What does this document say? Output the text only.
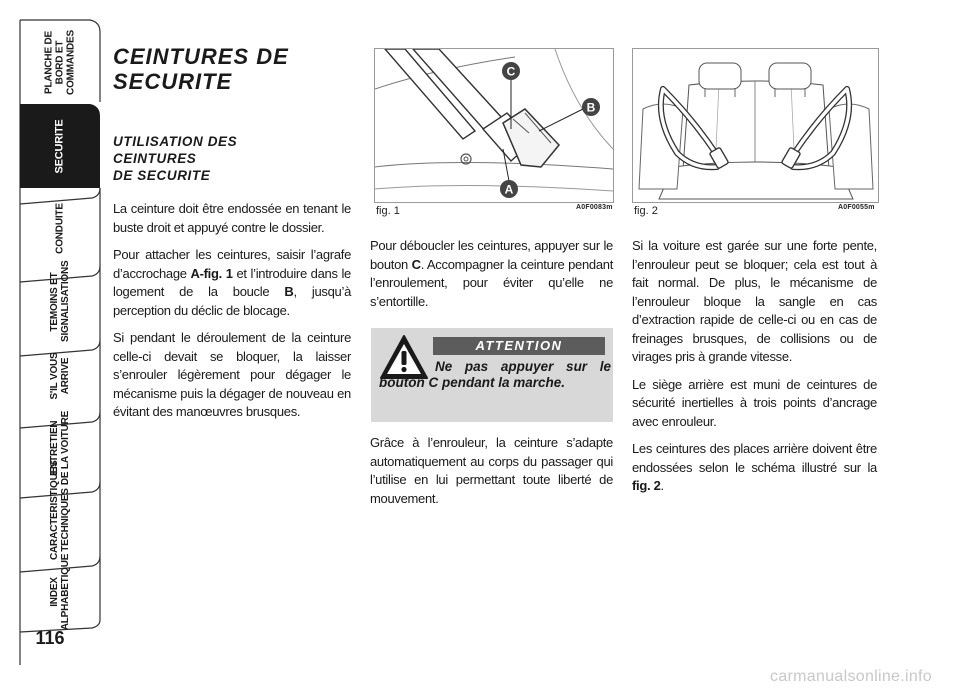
PLANCHE DE
BORD ET
COMMANDES
SECURITE
CONDUITE
TEMOINS ET
SIGNALISATIONS
S'IL VOUS
ARRIVE
ENTRETIEN
DE LA VOITURE
CARACTERISTIQUES
TECHNIQUES
INDEX
ALPHABETIQUE
116
CEINTURES DE
SECURITE
UTILISATION DES
CEINTURES
DE SECURITE

La ceinture doit être endossée en tenant le buste droit et appuyé contre le dossier.

Pour attacher les ceintures, saisir l’agrafe d’accrochage A-fig. 1 et l’introduire dans le logement de la boucle B, jusqu’à perception du déclic de blocage.

Si pendant le déroulement de la ceinture celle-ci devait se bloquer, la laisser s’enrouler légèrement pour dégager le mécanisme puis la dégager de nouveau en évitant des manœuvres brusques.

C
B
A
fig. 1	A0F0083m fig. 2	A0F0055m

Pour déboucler les ceintures, appuyer sur le bouton C. Accompagner la ceinture pendant l’enroulement, pour éviter qu’elle ne s’entortille.

ATTENTION

Ne pas appuyer sur le bouton C pendant la marche.

Grâce à l’enrouleur, la ceinture s’adapte automatiquement au corps du passager qui l’utilise en lui permettant toute liberté de mouvement.

Si la voiture est garée sur une forte pente, l’enrouleur peut se bloquer; cela est tout à fait normal. De plus, le mécanisme de l’enrouleur bloque la sangle en cas d’extraction rapide de celle-ci ou en cas de freinages brusques, de collisions ou de virages pris à grande vitesse.

Le siège arrière est muni de ceintures de sécurité inertielles à trois points d’ancrage avec enrouleur.

Les ceintures des places arrière doivent être endossées selon le schéma illustré sur la fig. 2.

carmanualsonline.info
